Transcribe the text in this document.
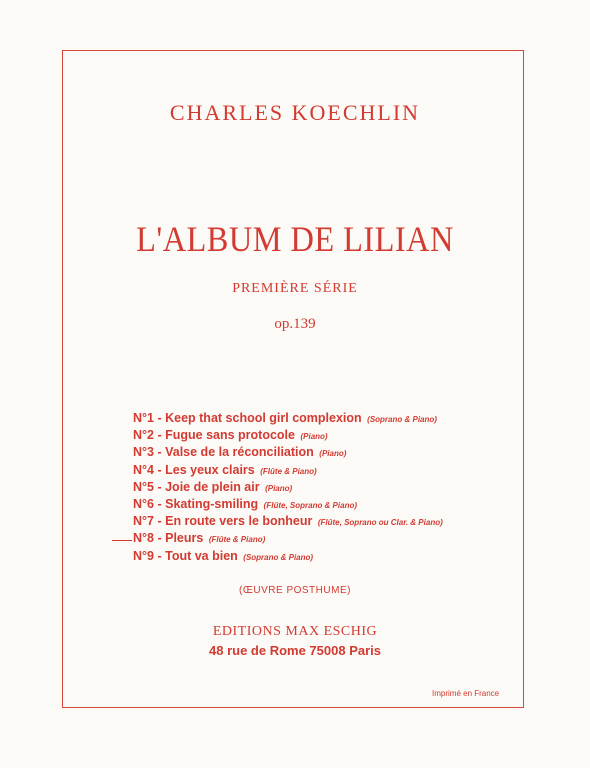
CHARLES KOECHLIN
L'ALBUM DE LILIAN
PREMIÈRE SÉRIE
op.139
N°1 - Keep that school girl complexion (Soprano & Piano)
N°2 - Fugue sans protocole (Piano)
N°3 - Valse de la réconciliation (Piano)
N°4 - Les yeux clairs (Flûte & Piano)
N°5 - Joie de plein air (Piano)
N°6 - Skating-smiling (Flûte, Soprano & Piano)
N°7 - En route vers le bonheur (Flûte, Soprano ou Clar. & Piano)
N°8 - Pleurs (Flûte & Piano)
N°9 - Tout va bien (Soprano & Piano)
(ŒUVRE POSTHUME)
EDITIONS MAX ESCHIG
48 rue de Rome 75008 Paris
Imprimé en France
